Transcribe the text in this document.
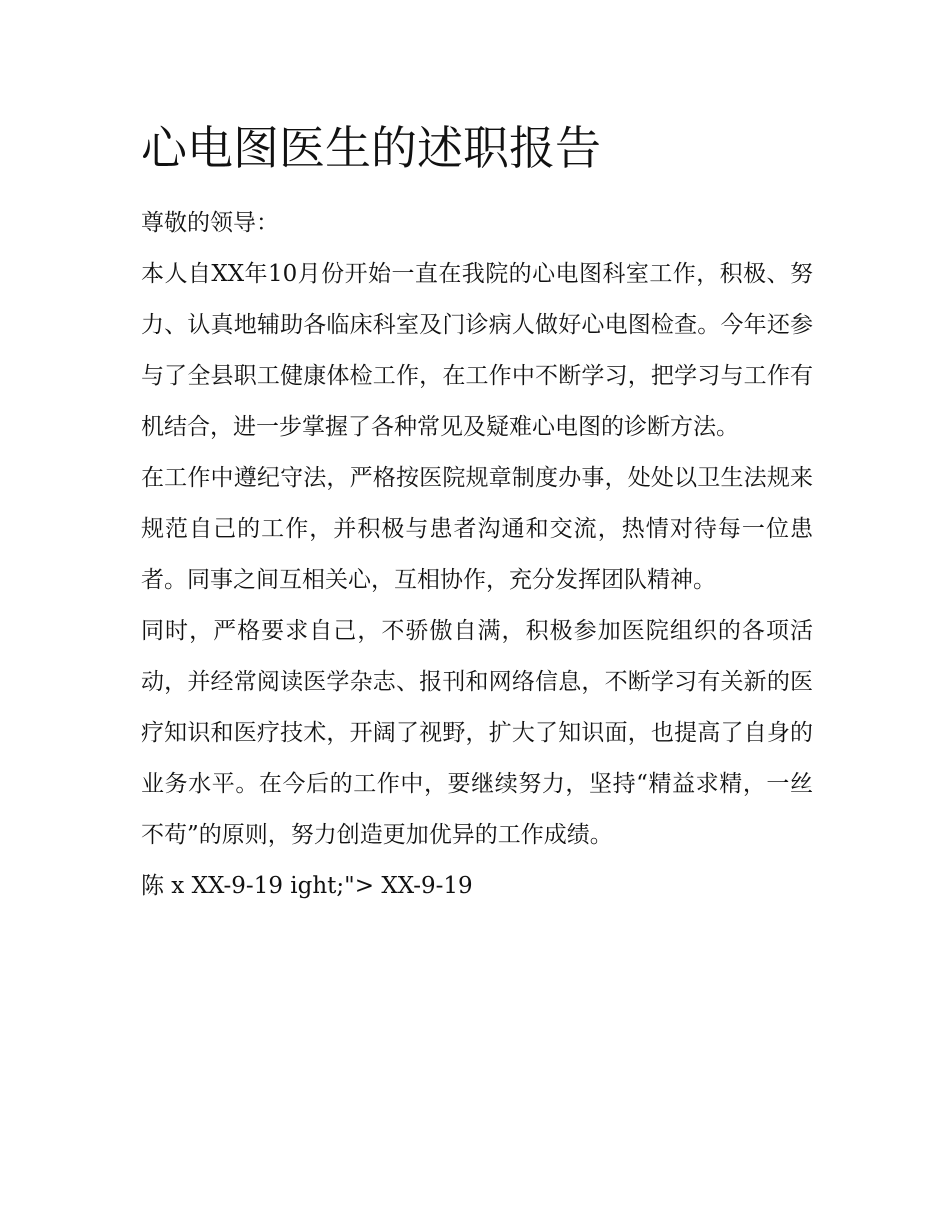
心电图医生的述职报告

尊敬的领导：

本人自XX年10月份开始一直在我院的心电图科室工作，积极、努力、认真地辅助各临床科室及门诊病人做好心电图检查。今年还参与了全县职工健康体检工作，在工作中不断学习，把学习与工作有机结合，进一步掌握了各种常见及疑难心电图的诊断方法。

在工作中遵纪守法，严格按医院规章制度办事，处处以卫生法规来规范自己的工作，并积极与患者沟通和交流，热情对待每一位患者。同事之间互相关心，互相协作，充分发挥团队精神。

同时，严格要求自己，不骄傲自满，积极参加医院组织的各项活动，并经常阅读医学杂志、报刊和网络信息，不断学习有关新的医疗知识和医疗技术，开阔了视野，扩大了知识面，也提高了自身的业务水平。在今后的工作中，要继续努力，坚持“精益求精，一丝不苟”的原则，努力创造更加优异的工作成绩。

陈 x XX-9-19 ight;"> XX-9-19
